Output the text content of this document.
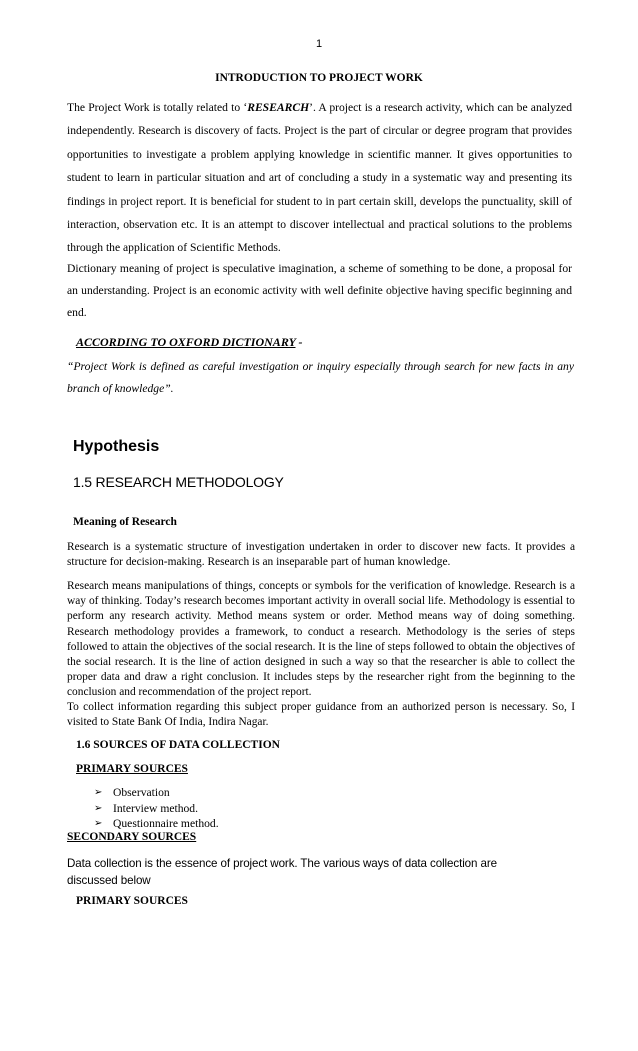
1
INTRODUCTION TO PROJECT WORK
The Project Work is totally related to ‘RESEARCH’. A project is a research activity, which can be analyzed independently. Research is discovery of facts. Project is the part of circular or degree program that provides opportunities to investigate a problem applying knowledge in scientific manner. It gives opportunities to student to learn in particular situation and art of concluding a study in a systematic way and presenting its findings in project report. It is beneficial for student to in part certain skill, develops the punctuality, skill of interaction, observation etc. It is an attempt to discover intellectual and practical solutions to the problems through the application of Scientific Methods.
Dictionary meaning of project is speculative imagination, a scheme of something to be done, a proposal for an understanding. Project is an economic activity with well definite objective having specific beginning and end.
ACCORDING TO OXFORD DICTIONARY -
“Project Work is defined as careful investigation or inquiry especially through search for new facts in any branch of knowledge”.
Hypothesis
1.5 RESEARCH METHODOLOGY
Meaning of Research
Research is a systematic structure of investigation undertaken in order to discover new facts. It provides a structure for decision-making. Research is an inseparable part of human knowledge.
Research means manipulations of things, concepts or symbols for the verification of knowledge. Research is a way of thinking. Today’s research becomes important activity in overall social life. Methodology is essential to perform any research activity. Method means system or order. Method means way of doing something. Research methodology provides a framework, to conduct a research. Methodology is the series of steps followed to attain the objectives of the social research. It is the line of steps followed to obtain the objectives of the social research. It is the line of action designed in such a way so that the researcher is able to collect the proper data and draw a right conclusion. It includes steps by the researcher right from the beginning to the conclusion and recommendation of the project report.
To collect information regarding this subject proper guidance from an authorized person is necessary. So, I visited to State Bank Of India, Indira Nagar.
1.6 SOURCES OF DATA COLLECTION
PRIMARY SOURCES
➢ Observation
➢ Interview method.
➢ Questionnaire method.
SECONDARY SOURCES
Data collection is the essence of project work. The various ways of data collection are discussed below
PRIMARY SOURCES
